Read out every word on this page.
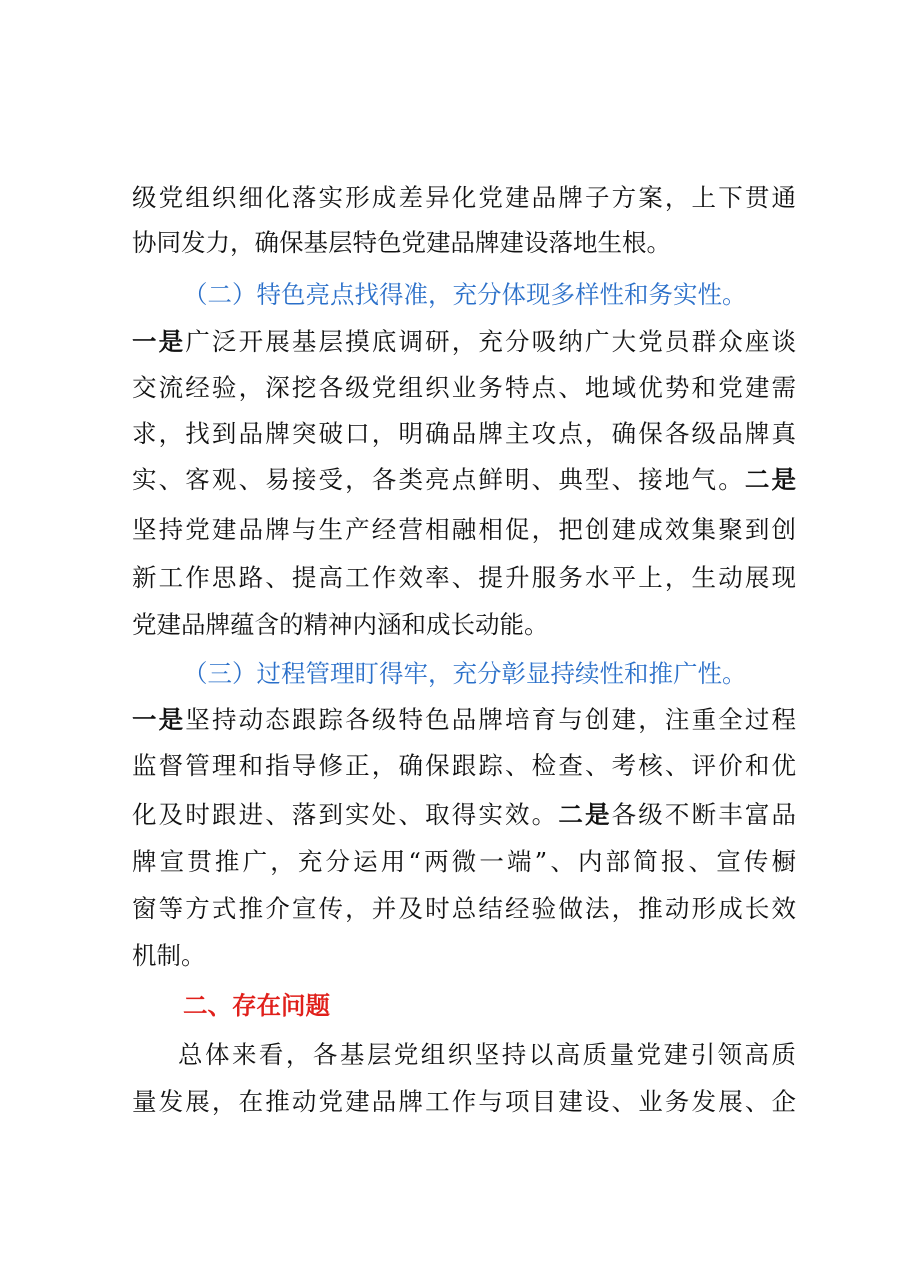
级党组织细化落实形成差异化党建品牌子方案，上下贯通
协同发力，确保基层特色党建品牌建设落地生根。
（二）特色亮点找得准，充分体现多样性和务实性。
一是广泛开展基层摸底调研，充分吸纳广大党员群众座谈
交流经验，深挖各级党组织业务特点、地域优势和党建需
求，找到品牌突破口，明确品牌主攻点，确保各级品牌真
实、客观、易接受，各类亮点鲜明、典型、接地气。二是
坚持党建品牌与生产经营相融相促，把创建成效集聚到创
新工作思路、提高工作效率、提升服务水平上，生动展现
党建品牌蕴含的精神内涵和成长动能。
（三）过程管理盯得牢，充分彰显持续性和推广性。
一是坚持动态跟踪各级特色品牌培育与创建，注重全过程
监督管理和指导修正，确保跟踪、检查、考核、评价和优
化及时跟进、落到实处、取得实效。二是各级不断丰富品
牌宣贯推广，充分运用“两微一端”、内部简报、宣传橱
窗等方式推介宣传，并及时总结经验做法，推动形成长效
机制。
二、存在问题
总体来看，各基层党组织坚持以高质量党建引领高质
量发展，在推动党建品牌工作与项目建设、业务发展、企
